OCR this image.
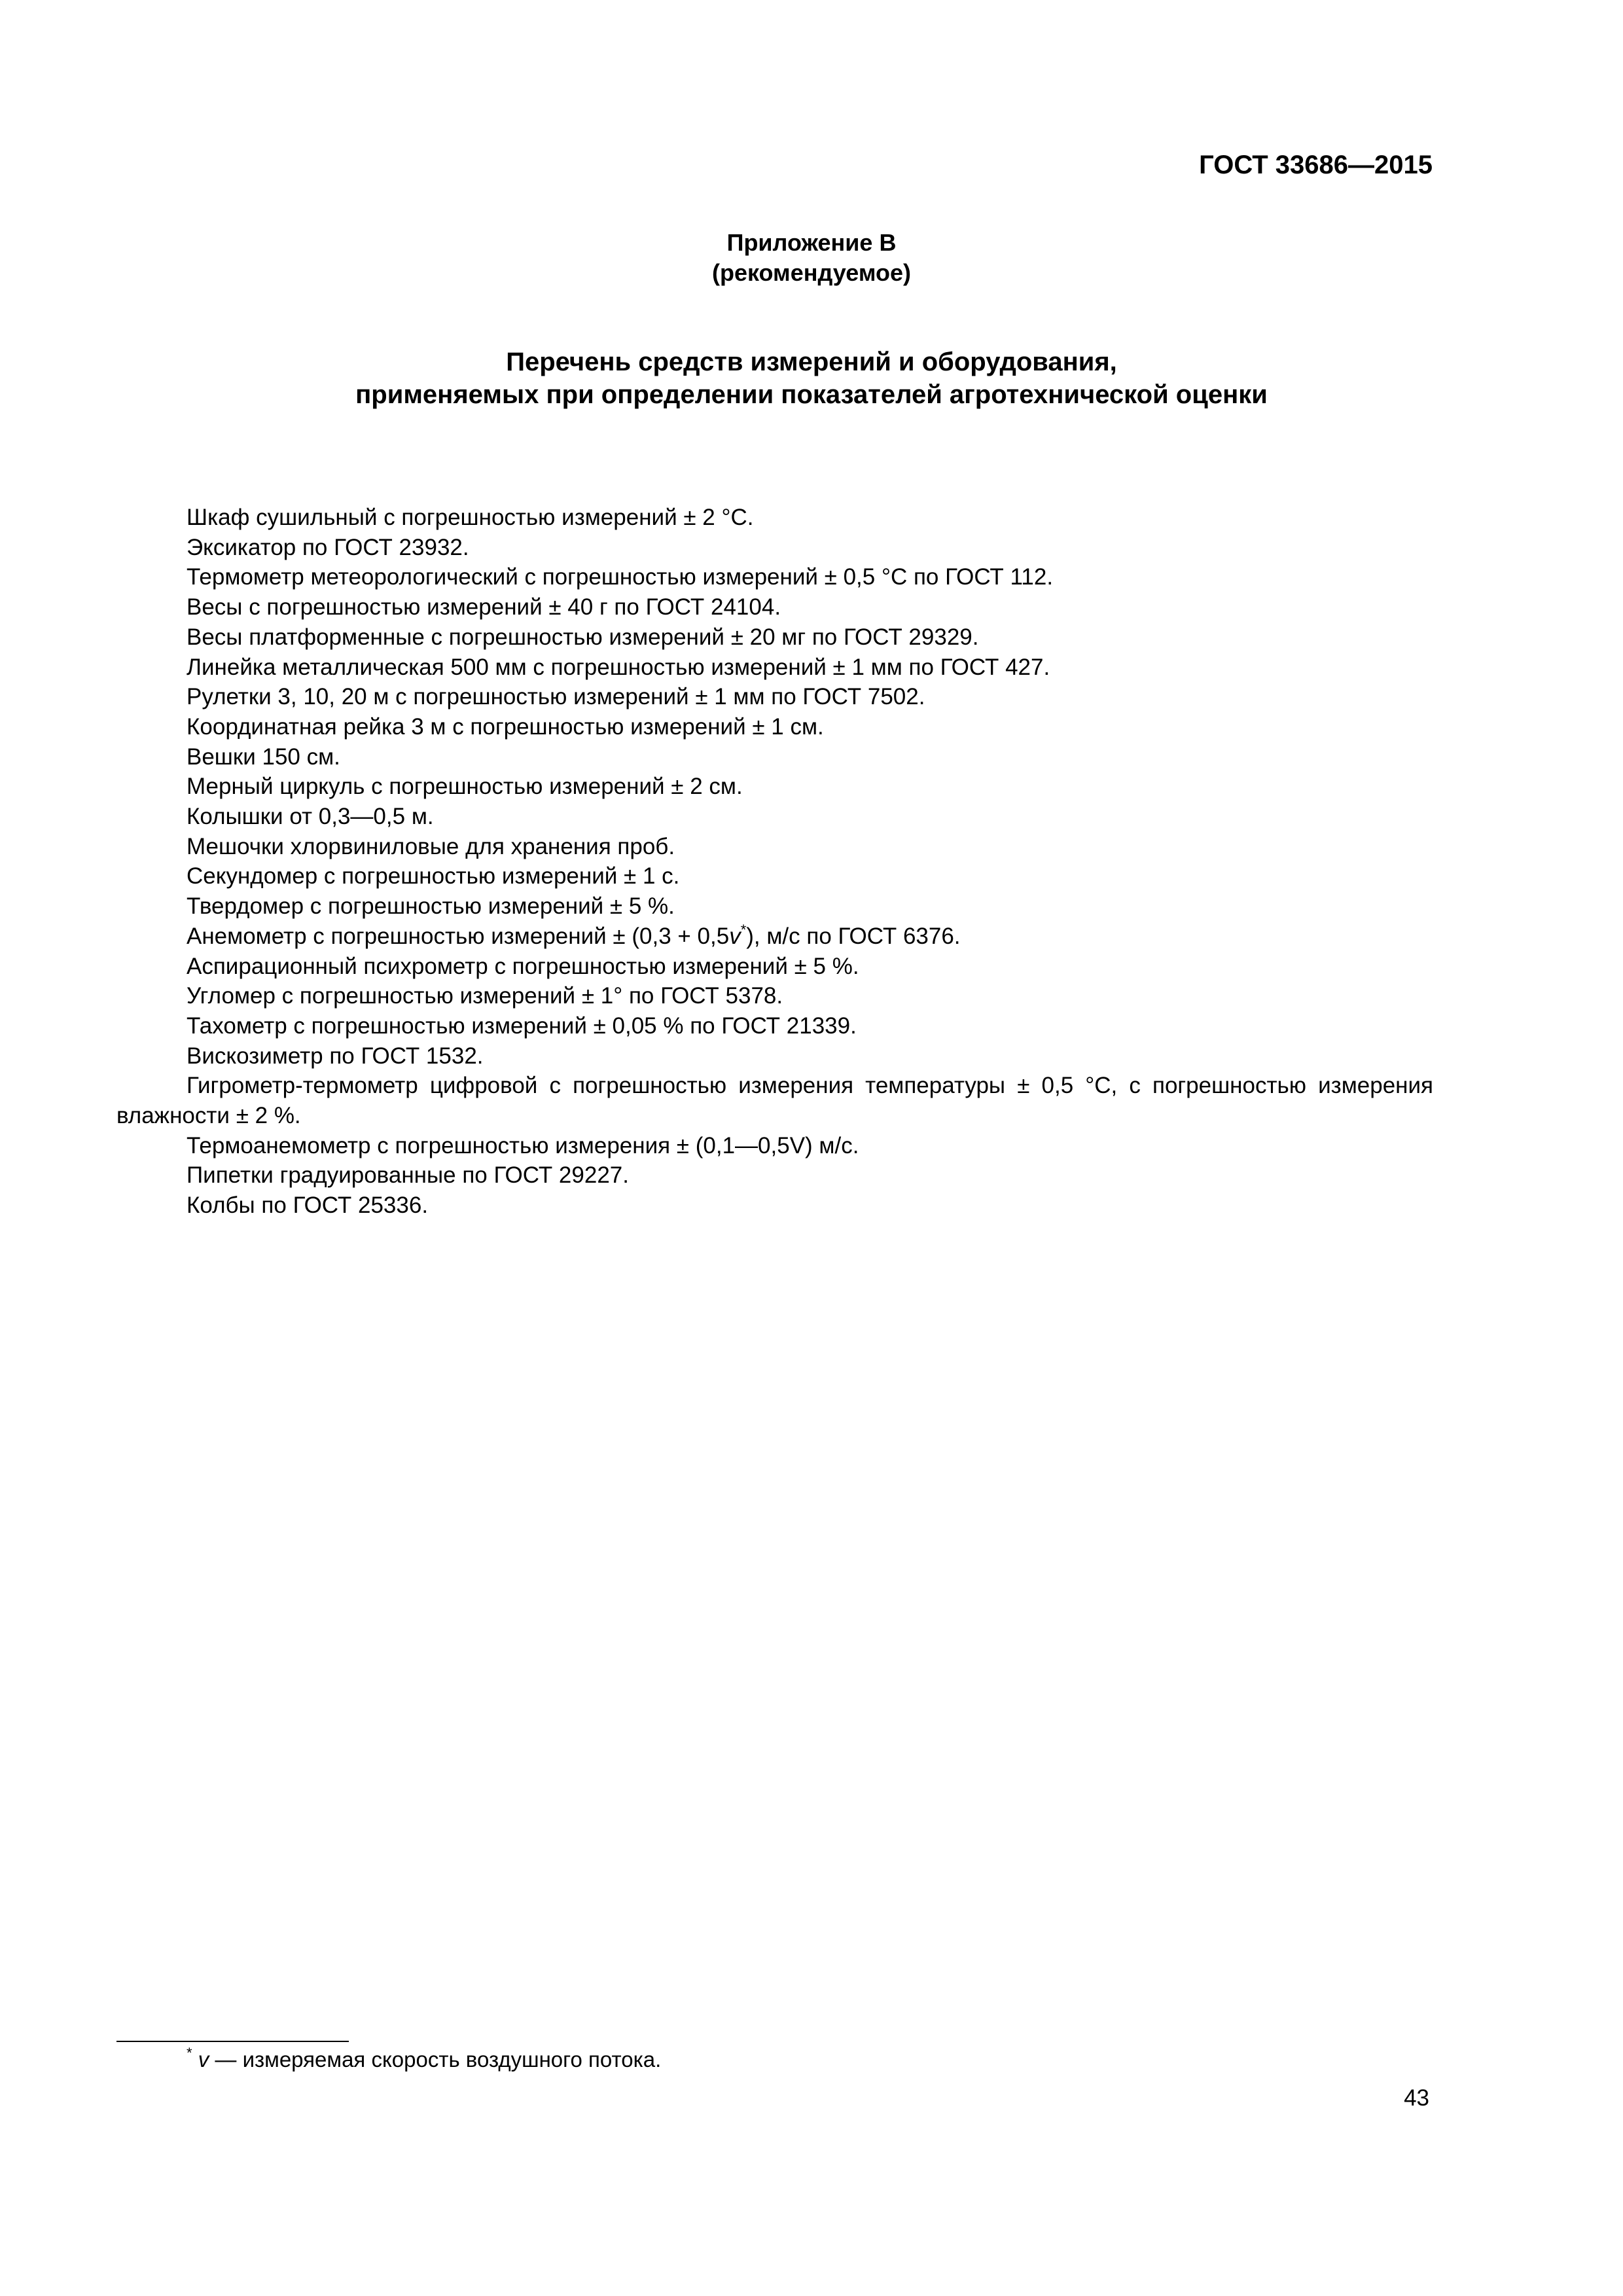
ГОСТ 33686—2015
Приложение В
(рекомендуемое)
Перечень средств измерений и оборудования,
применяемых при определении показателей агротехнической оценки

Шкаф сушильный с погрешностью измерений ± 2 °С.

Эксикатор по ГОСТ 23932.

Термометр метеорологический с погрешностью измерений ± 0,5 °С по ГОСТ 112.

Весы с погрешностью измерений ± 40 г по ГОСТ 24104.

Весы платформенные с погрешностью измерений ± 20 мг по ГОСТ 29329.

Линейка металлическая 500 мм с погрешностью измерений ± 1 мм по ГОСТ 427.

Рулетки 3, 10, 20 м с погрешностью измерений ± 1 мм по ГОСТ 7502.

Координатная рейка 3 м с погрешностью измерений ± 1 см.

Вешки 150 см.

Мерный циркуль с погрешностью измерений ± 2 см.

Колышки от 0,3—0,5 м.

Мешочки хлорвиниловые для хранения проб.

Секундомер с погрешностью измерений ± 1 с.

Твердомер с погрешностью измерений ± 5 %.

Анемометр с погрешностью измерений ± (0,3 + 0,5v*), м/с по ГОСТ 6376.

Аспирационный психрометр с погрешностью измерений ± 5 %.

Угломер с погрешностью измерений ± 1° по ГОСТ 5378.

Тахометр с погрешностью измерений ± 0,05 % по ГОСТ 21339.

Вискозиметр по ГОСТ 1532.

Гигрометр-термометр цифровой с погрешностью измерения температуры ± 0,5 °С, с погрешностью измерения влажности ± 2 %.

Термоанемометр с погрешностью измерения ± (0,1—0,5V) м/с.

Пипетки градуированные по ГОСТ 29227.

Колбы по ГОСТ 25336.

* v — измеряемая скорость воздушного потока.
43
